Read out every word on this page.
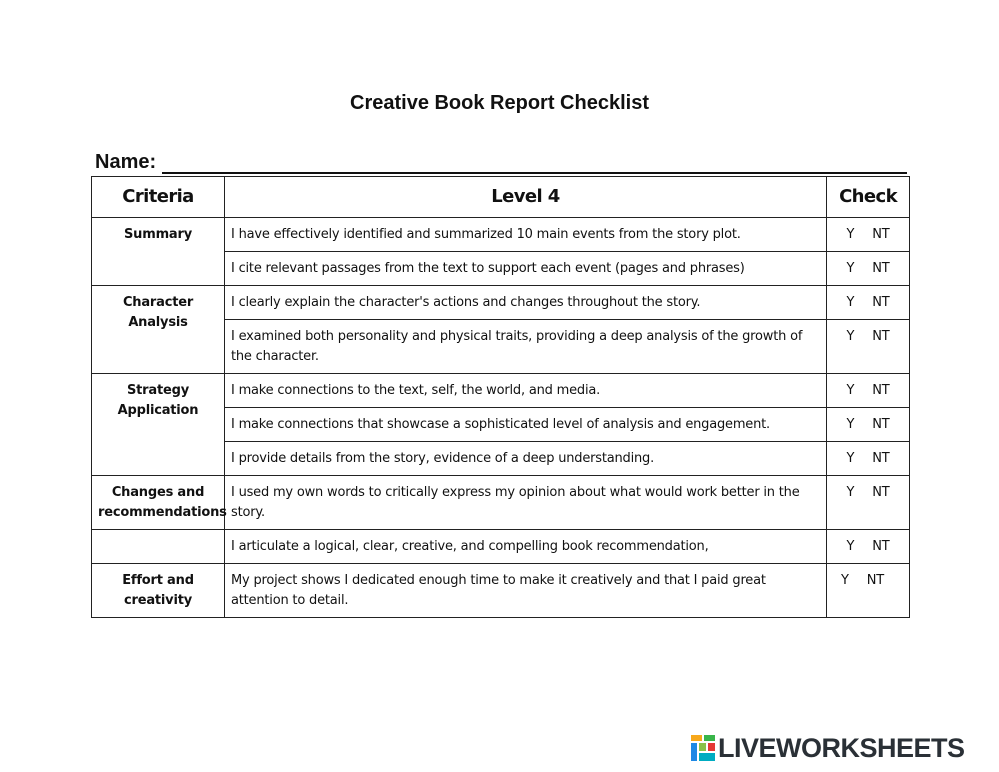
Creative Book Report Checklist
Name:
Criteria	Level 4	Check
Summary	I have effectively identified and summarized 10 main events from the story plot.	Y NT
	I cite relevant passages from the text to support each event (pages and phrases)	Y NT
Character Analysis	I clearly explain the character's actions and changes throughout the story.	Y NT
	I examined both personality and physical traits, providing a deep analysis of the growth of the character.	Y NT
Strategy Application	I make connections to the text, self, the world, and media.	Y NT
	I make connections that showcase a sophisticated level of analysis and engagement.	Y NT
	I provide details from the story, evidence of a deep understanding.	Y NT
Changes and recommendations	I used my own words to critically express my opinion about what would work better in the story.	Y NT
	I articulate a logical, clear, creative, and compelling book recommendation,	Y NT
Effort and creativity	My project shows I dedicated enough time to make it creatively and that I paid great attention to detail.	Y NT
LIVEWORKSHEETS
